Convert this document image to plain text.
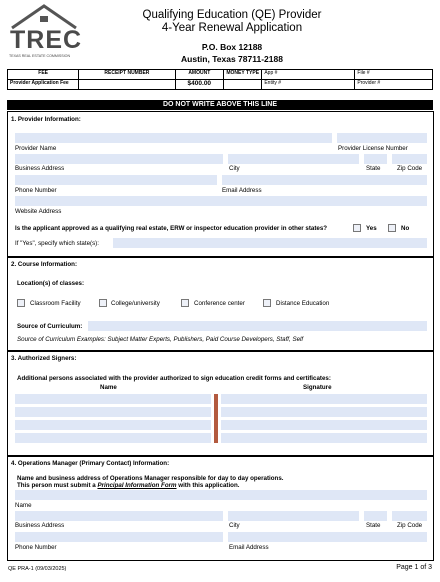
TREC
TEXAS REAL ESTATE COMMISSION
Qualifying Education (QE) Provider
4-Year Renewal Application
P.O. Box 12188
Austin, Texas 78711-2188
FEE	RECEIPT NUMBER	AMOUNT	MONEY TYPE	App #	File #
Provider Application Fee		$400.00		Entity #	Provider #
DO NOT WRITE ABOVE THIS LINE
1. Provider Information:
Provider Name	Provider License Number
Business Address	City	State	Zip Code
Phone Number	Email Address
Website Address
Is the applicant approved as a qualifying real estate, ERW or inspector education provider in other states?	Yes	No
If "Yes", specify which state(s):
2. Course Information:
Location(s) of classes:
Classroom Facility	College/university	Conference center	Distance Education
Source of Curriculum:
Source of Curriculum Examples: Subject Matter Experts, Publishers, Paid Course Developers, Staff, Self
3. Authorized Signers:
Additional persons associated with the provider authorized to sign education credit forms and certificates:
Name	Signature
4. Operations Manager (Primary Contact) Information:
Name and business address of Operations Manager responsible for day to day operations.
This person must submit a Principal Information Form with this application.
Name
Business Address	City	State	Zip Code
Phone Number	Email Address
QE PRA-1 (09/03/2025)	Page 1 of 3
